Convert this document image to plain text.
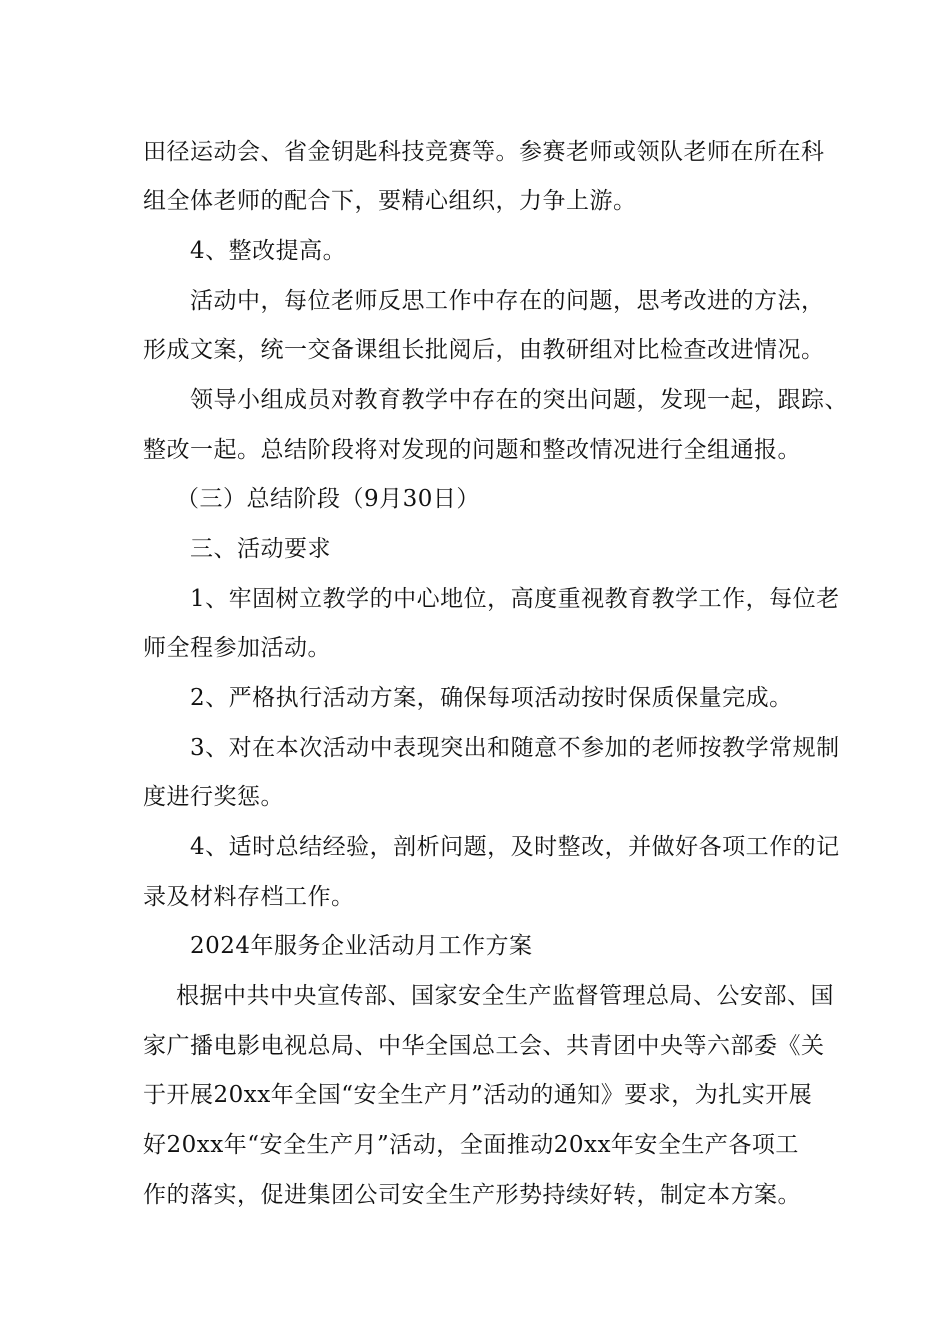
田径运动会、省金钥匙科技竞赛等。参赛老师或领队老师在所在科
组全体老师的配合下，要精心组织，力争上游。
4、整改提高。
活动中，每位老师反思工作中存在的问题，思考改进的方法，
形成文案，统一交备课组长批阅后，由教研组对比检查改进情况。
领导小组成员对教育教学中存在的突出问题，发现一起，跟踪、
整改一起。总结阶段将对发现的问题和整改情况进行全组通报。
（三）总结阶段（9月30日）
三、活动要求
1、牢固树立教学的中心地位，高度重视教育教学工作，每位老
师全程参加活动。
2、严格执行活动方案，确保每项活动按时保质保量完成。
3、对在本次活动中表现突出和随意不参加的老师按教学常规制
度进行奖惩。
4、适时总结经验，剖析问题，及时整改，并做好各项工作的记
录及材料存档工作。
2024年服务企业活动月工作方案
根据中共中央宣传部、国家安全生产监督管理总局、公安部、国
家广播电影电视总局、中华全国总工会、共青团中央等六部委《关
于开展20xx年全国“安全生产月”活动的通知》要求，为扎实开展
好20xx年“安全生产月”活动，全面推动20xx年安全生产各项工
作的落实，促进集团公司安全生产形势持续好转，制定本方案。
